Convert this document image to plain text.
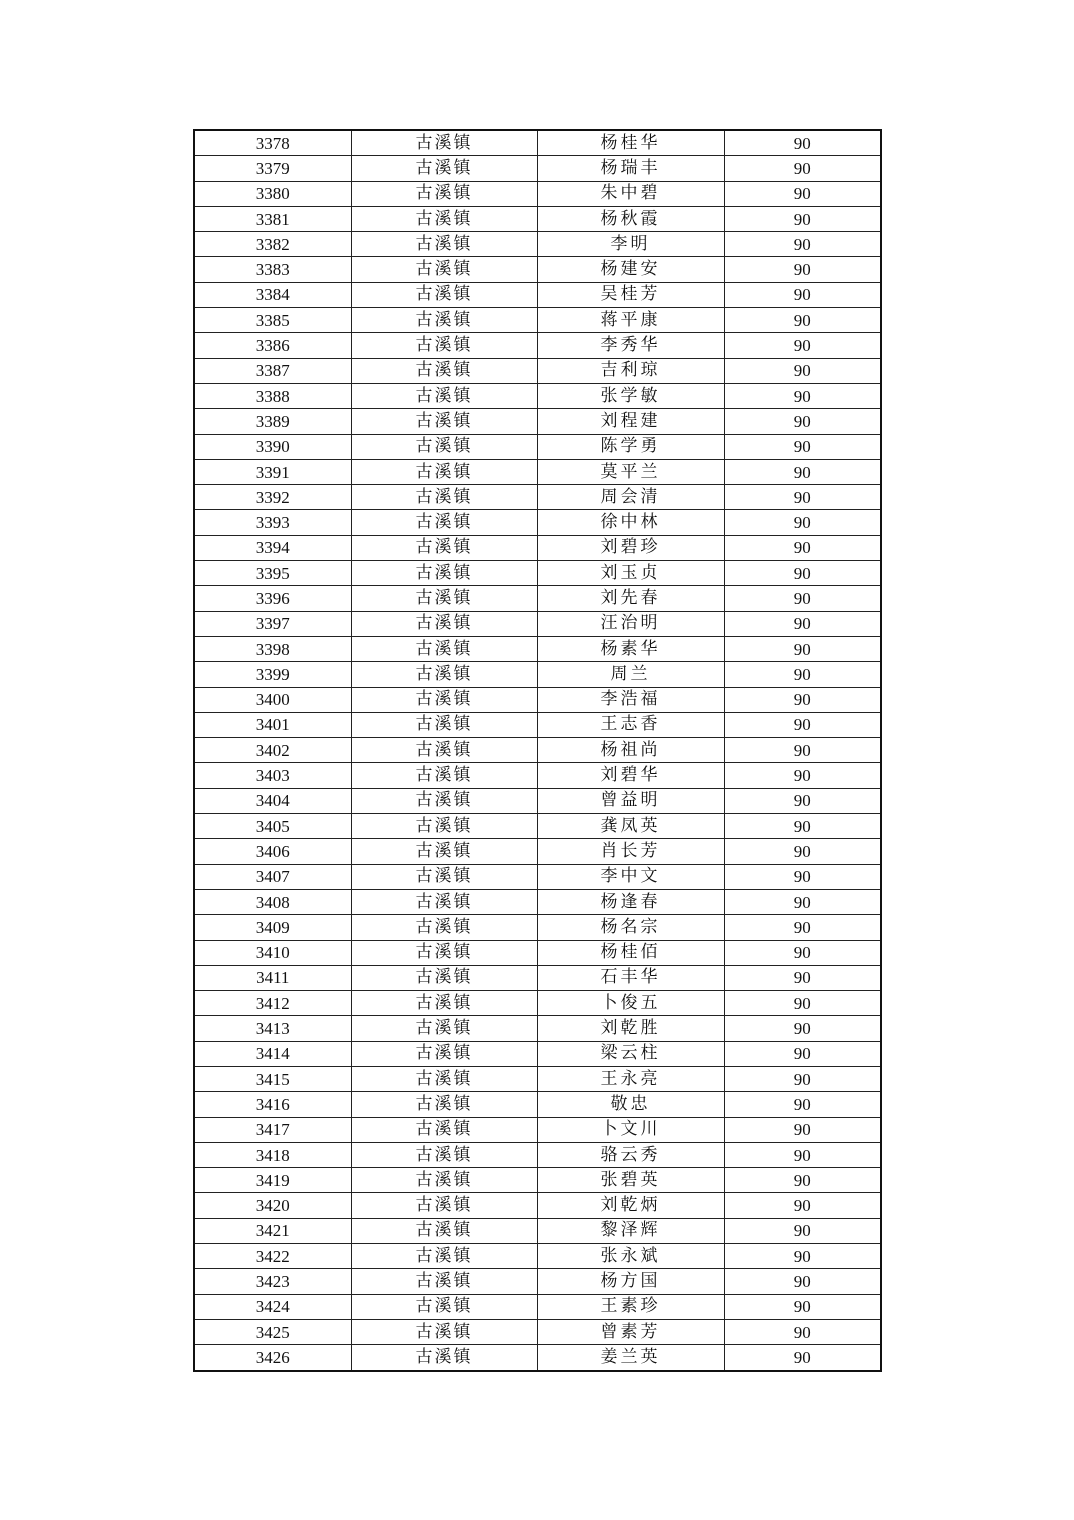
3378	古溪镇	杨桂华	90
3379	古溪镇	杨瑞丰	90
3380	古溪镇	朱中碧	90
3381	古溪镇	杨秋霞	90
3382	古溪镇	李明	90
3383	古溪镇	杨建安	90
3384	古溪镇	吴桂芳	90
3385	古溪镇	蒋平康	90
3386	古溪镇	李秀华	90
3387	古溪镇	吉利琼	90
3388	古溪镇	张学敏	90
3389	古溪镇	刘程建	90
3390	古溪镇	陈学勇	90
3391	古溪镇	莫平兰	90
3392	古溪镇	周会清	90
3393	古溪镇	徐中林	90
3394	古溪镇	刘碧珍	90
3395	古溪镇	刘玉贞	90
3396	古溪镇	刘先春	90
3397	古溪镇	汪治明	90
3398	古溪镇	杨素华	90
3399	古溪镇	周兰	90
3400	古溪镇	李浩福	90
3401	古溪镇	王志香	90
3402	古溪镇	杨祖尚	90
3403	古溪镇	刘碧华	90
3404	古溪镇	曾益明	90
3405	古溪镇	龚凤英	90
3406	古溪镇	肖长芳	90
3407	古溪镇	李中文	90
3408	古溪镇	杨逢春	90
3409	古溪镇	杨名宗	90
3410	古溪镇	杨桂佰	90
3411	古溪镇	石丰华	90
3412	古溪镇	卜俊五	90
3413	古溪镇	刘乾胜	90
3414	古溪镇	梁云柱	90
3415	古溪镇	王永亮	90
3416	古溪镇	敬忠	90
3417	古溪镇	卜文川	90
3418	古溪镇	骆云秀	90
3419	古溪镇	张碧英	90
3420	古溪镇	刘乾炳	90
3421	古溪镇	黎泽辉	90
3422	古溪镇	张永斌	90
3423	古溪镇	杨方国	90
3424	古溪镇	王素珍	90
3425	古溪镇	曾素芳	90
3426	古溪镇	姜兰英	90
